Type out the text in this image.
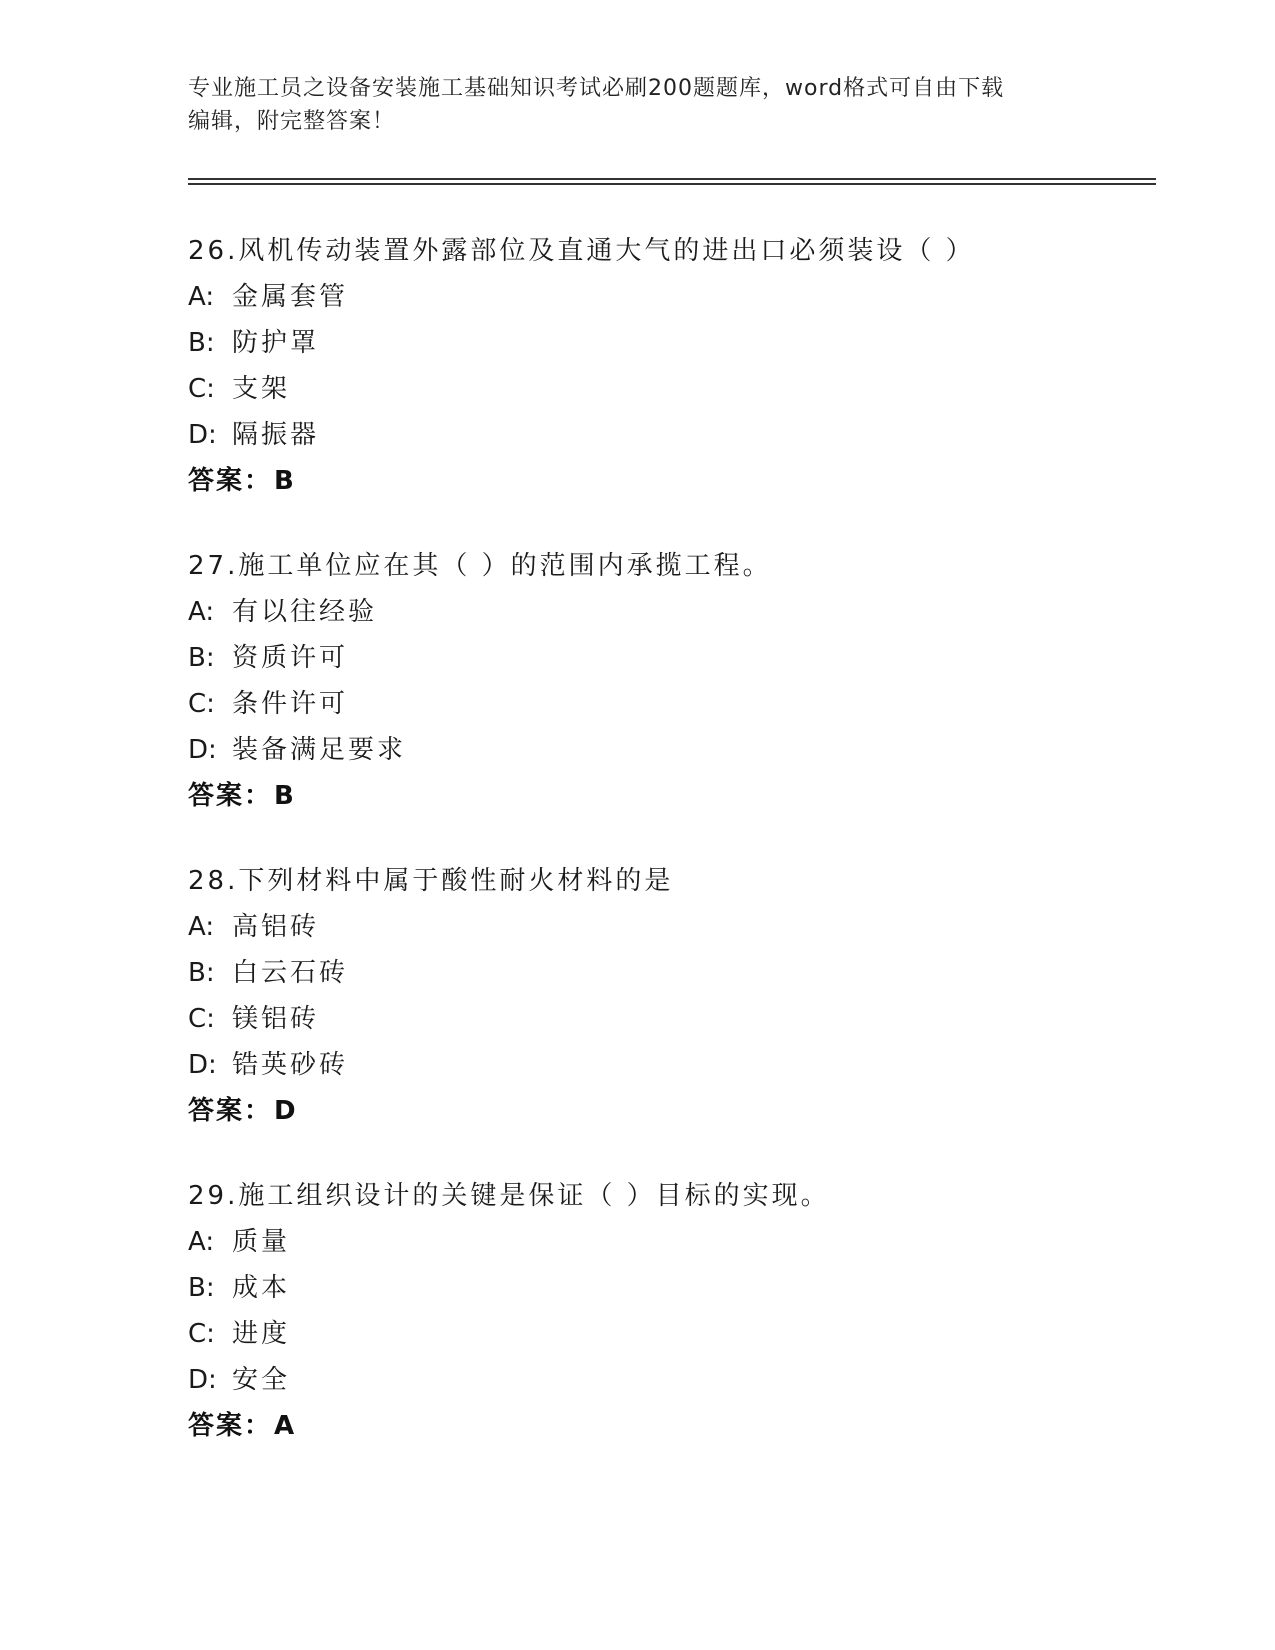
专业施工员之设备安装施工基础知识考试必刷200题题库，word格式可自由下载
编辑，附完整答案！
26.风机传动装置外露部位及直通大气的进出口必须装设（ ）
A: 金属套管
B: 防护罩
C: 支架
D: 隔振器
答案：B
27.施工单位应在其（ ）的范围内承揽工程。
A: 有以往经验
B: 资质许可
C: 条件许可
D: 装备满足要求
答案：B
28.下列材料中属于酸性耐火材料的是
A: 高铝砖
B: 白云石砖
C: 镁铝砖
D: 锆英砂砖
答案：D
29.施工组织设计的关键是保证（ ）目标的实现。
A: 质量
B: 成本
C: 进度
D: 安全
答案：A
